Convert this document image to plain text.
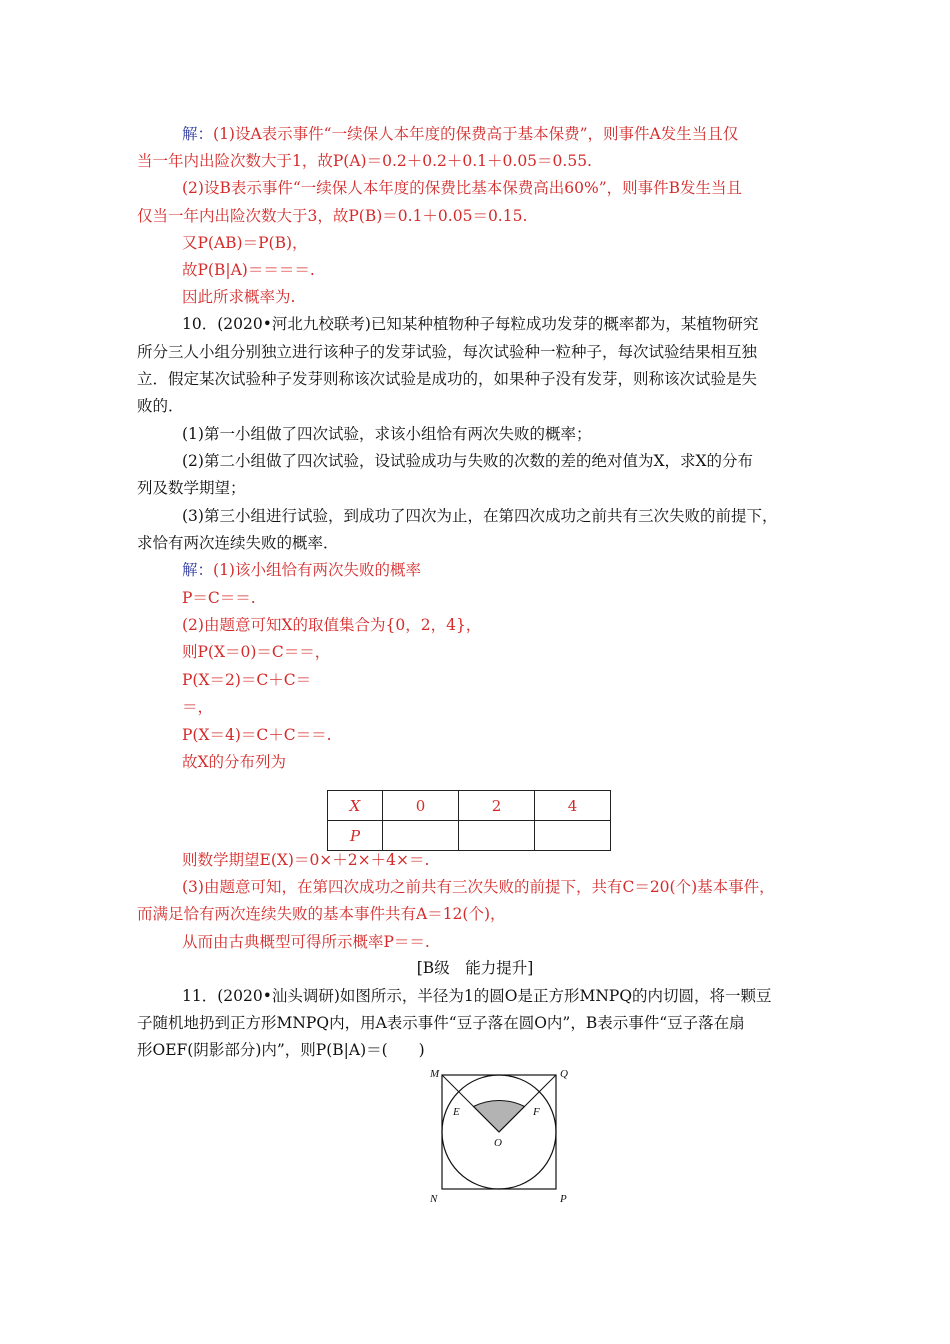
解：(1)设A表示事件“一续保人本年度的保费高于基本保费”，则事件A发生当且仅
当一年内出险次数大于1，故P(A)＝0.2＋0.2＋0.1＋0.05＝0.55.
(2)设B表示事件“一续保人本年度的保费比基本保费高出60%”，则事件B发生当且
仅当一年内出险次数大于3，故P(B)＝0.1＋0.05＝0.15.
又P(AB)＝P(B)，
故P(B|A)＝＝＝＝.
因此所求概率为.
10．(2020•河北九校联考)已知某种植物种子每粒成功发芽的概率都为，某植物研究
所分三人小组分别独立进行该种子的发芽试验，每次试验种一粒种子，每次试验结果相互独
立．假定某次试验种子发芽则称该次试验是成功的，如果种子没有发芽，则称该次试验是失
败的．
(1)第一小组做了四次试验，求该小组恰有两次失败的概率；
(2)第二小组做了四次试验，设试验成功与失败的次数的差的绝对值为X，求X的分布
列及数学期望；
(3)第三小组进行试验，到成功了四次为止，在第四次成功之前共有三次失败的前提下，
求恰有两次连续失败的概率．
解：(1)该小组恰有两次失败的概率
P＝C＝＝.
(2)由题意可知X的取值集合为{0，2，4}，
则P(X＝0)＝C＝＝，
P(X＝2)＝C＋C＝
＝，
P(X＝4)＝C＋C＝＝.
故X的分布列为
X	0	2	4
P			
则数学期望E(X)＝0×＋2×＋4×＝.
(3)由题意可知，在第四次成功之前共有三次失败的前提下，共有C＝20(个)基本事件，
而满足恰有两次连续失败的基本事件共有A＝12(个)，
从而由古典概型可得所示概率P＝＝.
[B级　能力提升]
11．(2020•汕头调研)如图所示，半径为1的圆O是正方形MNPQ的内切圆，将一颗豆
子随机地扔到正方形MNPQ内，用A表示事件“豆子落在圆O内”，B表示事件“豆子落在扇
形OEF(阴影部分)内”，则P(B|A)＝(　　)
M	Q
N	P
E	F
O
